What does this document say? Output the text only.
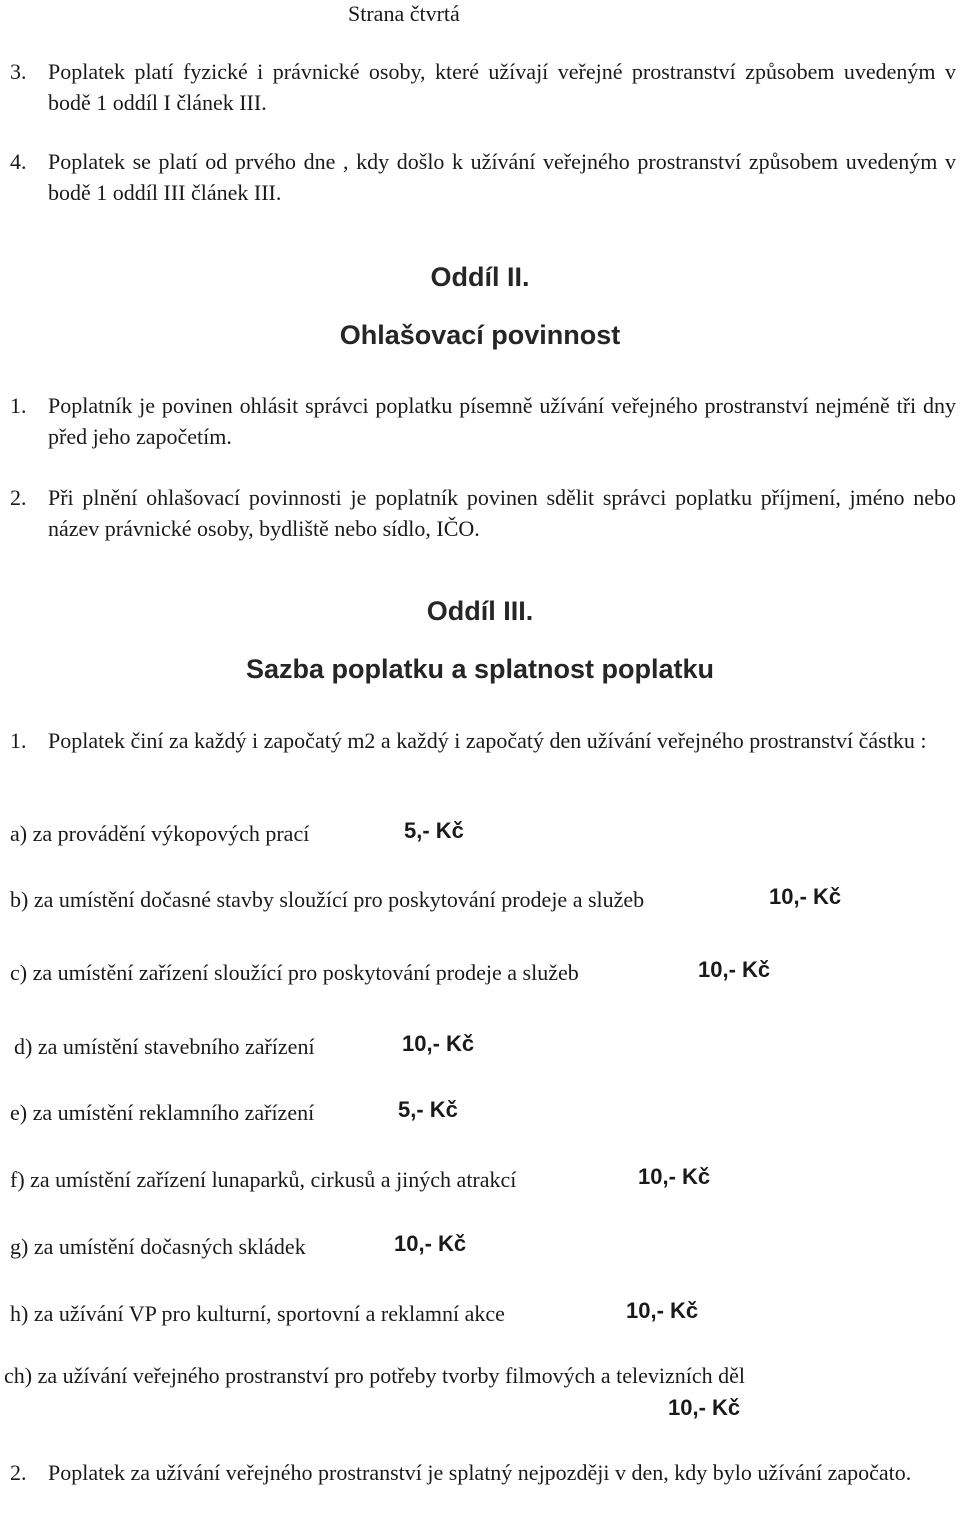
Strana čtvrtá
3. Poplatek platí fyzické i právnické osoby, které užívají veřejné prostranství způsobem uvedeným v bodě 1 oddíl I článek III.
4. Poplatek se platí od prvého dne , kdy došlo k užívání veřejného prostranství způsobem uvedeným v bodě 1 oddíl III článek III.
Oddíl II.
Ohlašovací povinnost
1. Poplatník je povinen ohlásit správci poplatku písemně užívání veřejného prostranství nejméně tři dny před jeho započetím.
2. Při plnění ohlašovací povinnosti je poplatník povinen sdělit správci poplatku příjmení, jméno nebo název právnické osoby, bydliště nebo sídlo, IČO.
Oddíl III.
Sazba poplatku a splatnost poplatku
1. Poplatek činí za každý i započatý m2 a každý i započatý den užívání veřejného prostranství částku :
a) za provádění výkopových prací	5,- Kč
b) za umístění dočasné stavby sloužící pro poskytování prodeje a služeb	10,- Kč
c) za umístění zařízení sloužící pro poskytování prodeje a služeb	10,- Kč
d) za umístění stavebního zařízení	10,- Kč
e) za umístění reklamního zařízení	5,- Kč
f) za umístění zařízení lunaparků, cirkusů a jiných atrakcí	10,- Kč
g) za umístění dočasných skládek	10,- Kč
h) za užívání VP pro kulturní, sportovní a reklamní akce	10,- Kč
ch) za užívání veřejného prostranství pro potřeby tvorby filmových a televizních děl
10,- Kč
2. Poplatek za užívání veřejného prostranství je splatný nejpozději v den, kdy bylo užívání započato.
